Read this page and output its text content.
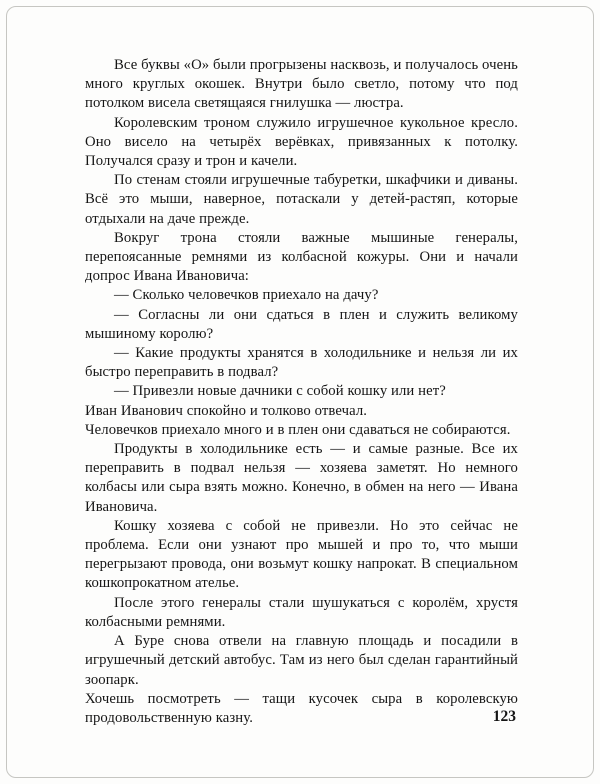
Все буквы «О» были прогрызены насквозь, и получалось очень много круглых окошек. Внутри было светло, потому что под потолком висела светящаяся гнилушка — люстра.

Королевским троном служило игрушечное кукольное кресло. Оно висело на четырёх верёвках, привязанных к потолку. Получался сразу и трон и качели.

По стенам стояли игрушечные табуретки, шкафчики и диваны. Всё это мыши, наверное, потаскали у детей-растяп, которые отдыхали на даче прежде.

Вокруг трона стояли важные мышиные генералы, перепоясанные ремнями из колбасной кожуры. Они и начали допрос Ивана Ивановича:

— Сколько человечков приехало на дачу?

— Согласны ли они сдаться в плен и служить великому мышиному королю?

— Какие продукты хранятся в холодильнике и нельзя ли их быстро переправить в подвал?

— Привезли новые дачники с собой кошку или нет?

Иван Иванович спокойно и толково отвечал.

Человечков приехало много и в плен они сдаваться не собираются.

Продукты в холодильнике есть — и самые разные. Все их переправить в подвал нельзя — хозяева заметят. Но немного колбасы или сыра взять можно. Конечно, в обмен на него — Ивана Ивановича.

Кошку хозяева с собой не привезли. Но это сейчас не проблема. Если они узнают про мышей и про то, что мыши перегрызают провода, они возьмут кошку напрокат. В специальном кошкопрокатном ателье.

После этого генералы стали шушукаться с королём, хрустя колбасными ремнями.

А Буре снова отвели на главную площадь и посадили в игрушечный детский автобус. Там из него был сделан гарантийный зоопарк.

Хочешь посмотреть — тащи кусочек сыра в королевскую продовольственную казну.	123
